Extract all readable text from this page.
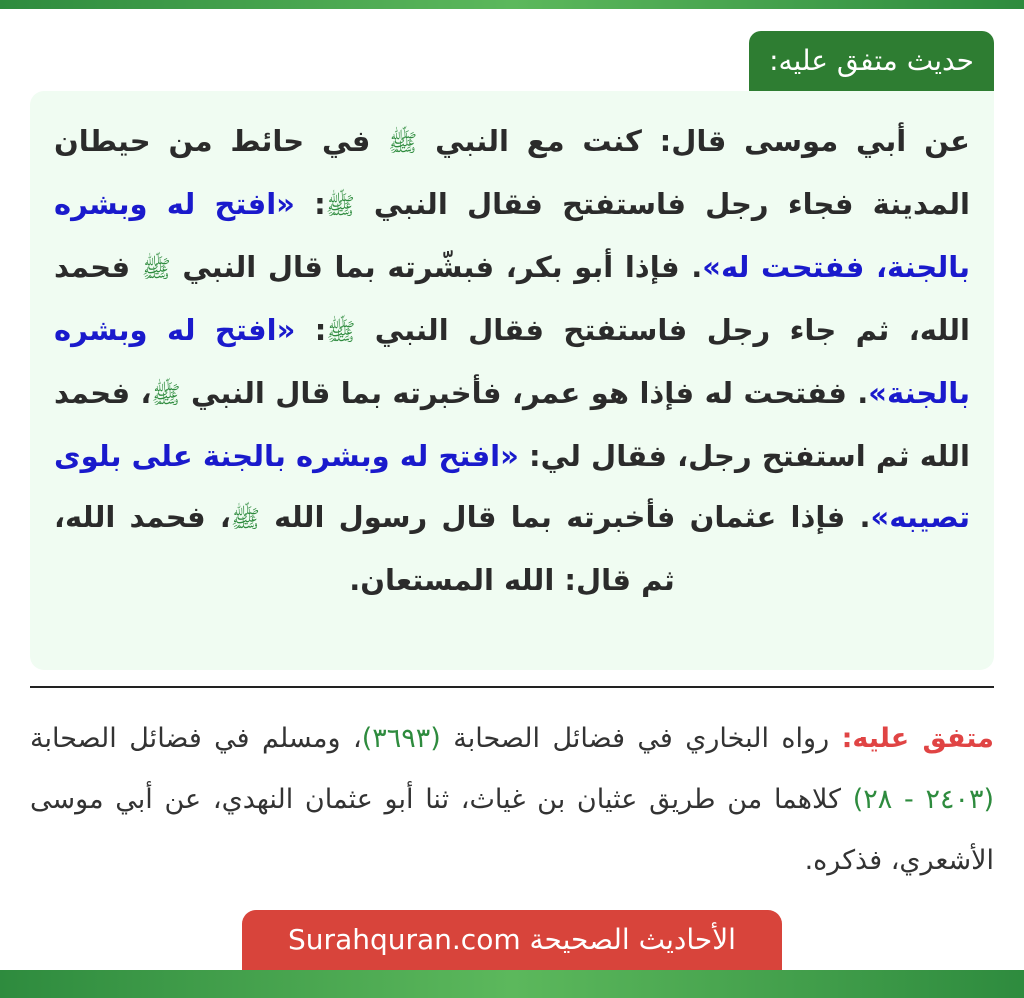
حديث متفق عليه:

عن أبي موسى قال: كنت مع النبي ﷺ في حائط من حيطان المدينة فجاء رجل فاستفتح فقال النبي ﷺ: «افتح له وبشره بالجنة، ففتحت له». فإذا أبو بكر، فبشّرته بما قال النبي ﷺ فحمد الله، ثم جاء رجل فاستفتح فقال النبي ﷺ: «افتح له وبشره بالجنة». ففتحت له فإذا هو عمر، فأخبرته بما قال النبي ﷺ، فحمد الله ثم استفتح رجل، فقال لي: «افتح له وبشره بالجنة على بلوى تصيبه». فإذا عثمان فأخبرته بما قال رسول الله ﷺ، فحمد الله، ثم قال: الله المستعان.

متفق عليه: رواه البخاري في فضائل الصحابة (٣٦٩٣)، ومسلم في فضائل الصحابة (٢٤٠٣ - ٢٨) كلاهما من طريق عثيان بن غياث، ثنا أبو عثمان النهدي، عن أبي موسى الأشعري، فذكره.
الأحاديث الصحيحة Surahquran.com
